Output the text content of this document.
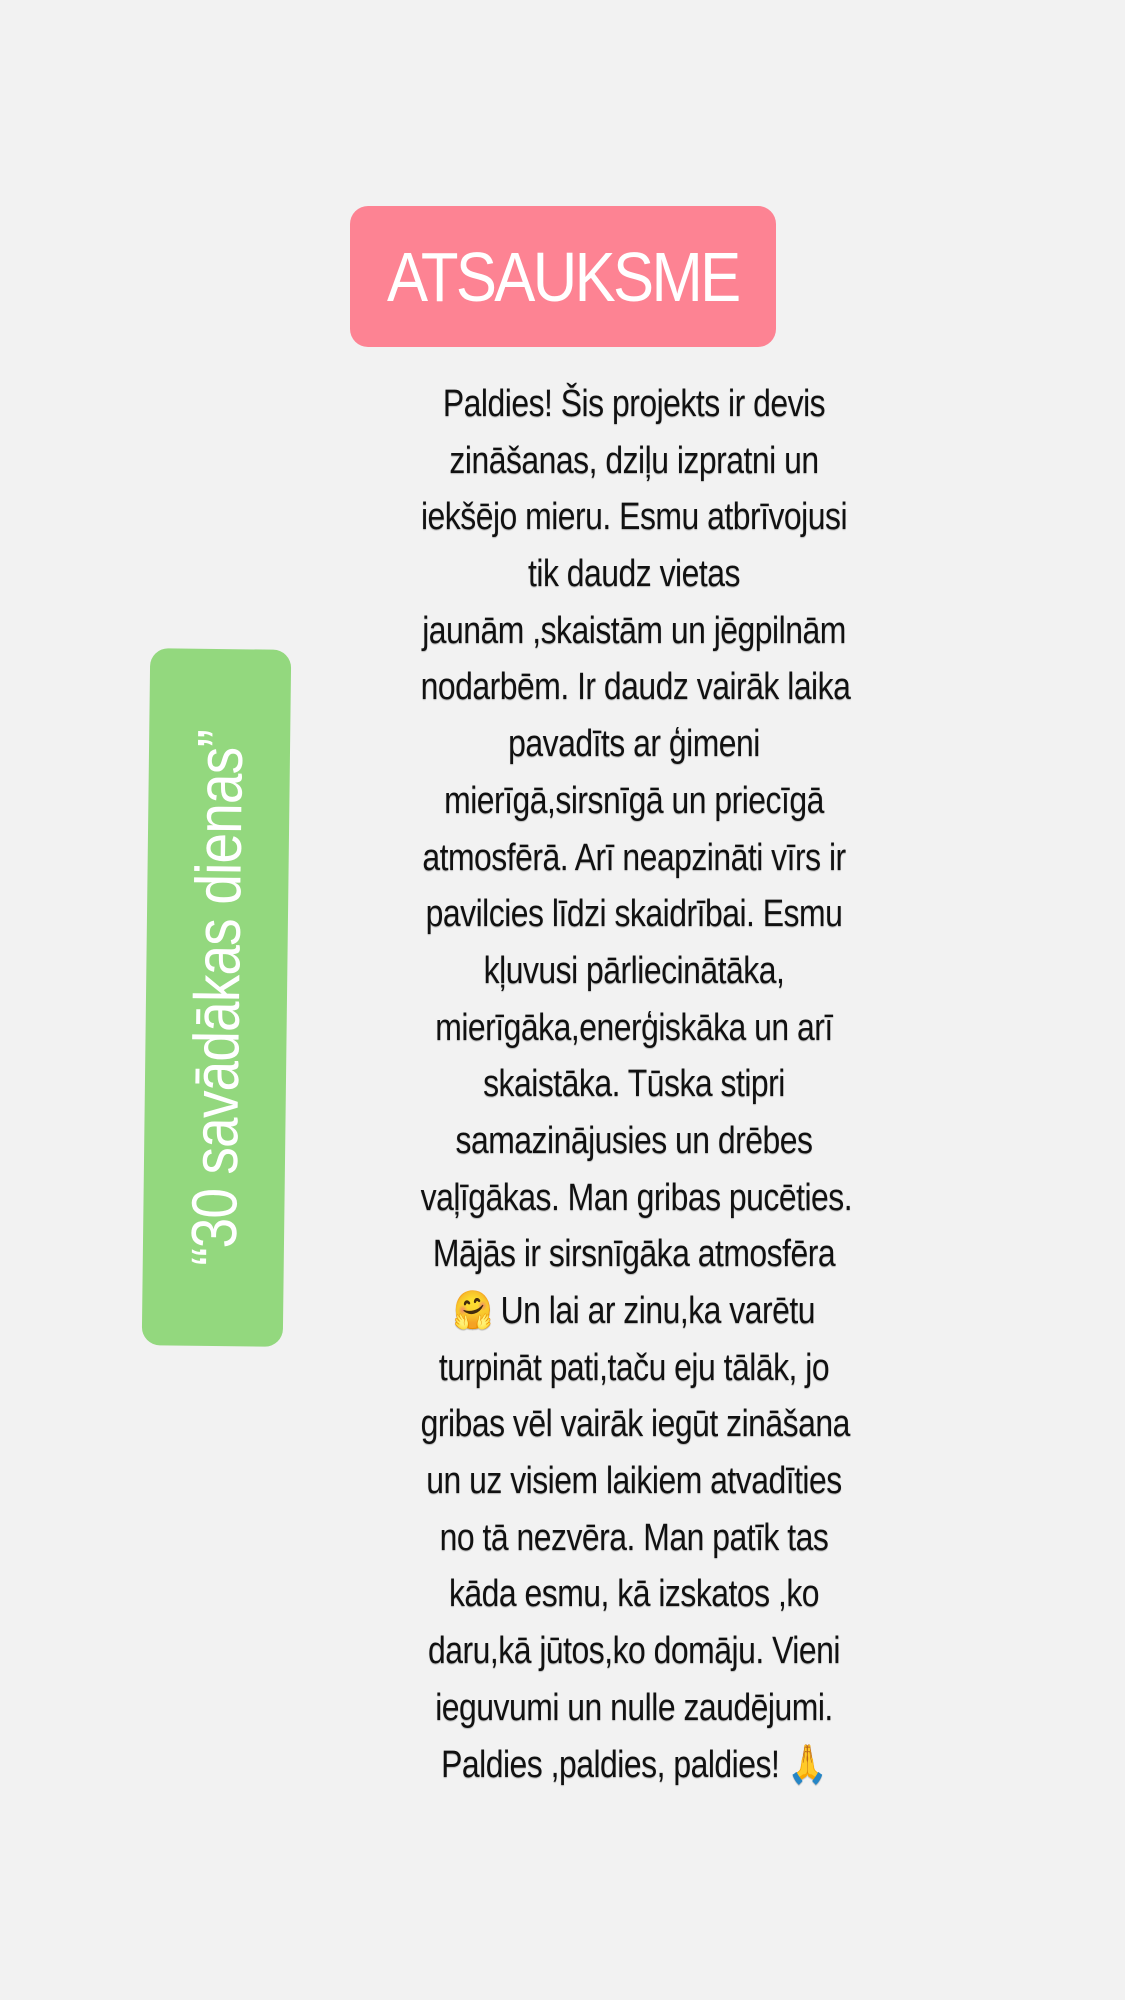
ATSAUKSME
“30 savādākas dienas”
Paldies! Šis projekts ir devis
zināšanas, dziļu izpratni un
iekšējo mieru. Esmu atbrīvojusi
tik daudz vietas
jaunām ,skaistām un jēgpilnām
nodarbēm. Ir daudz vairāk laika
pavadīts ar ģimeni
mierīgā,sirsnīgā un priecīgā
atmosfērā. Arī neapzināti vīrs ir
pavilcies līdzi skaidrībai. Esmu
kļuvusi pārliecinātāka,
mierīgāka,enerģiskāka un arī
skaistāka. Tūska stipri
samazinājusies un drēbes
vaļīgākas. Man gribas pucēties.
Mājās ir sirsnīgāka atmosfēra
🤗 Un lai ar zinu,ka varētu
turpināt pati,taču eju tālāk, jo
gribas vēl vairāk iegūt zināšana
un uz visiem laikiem atvadīties
no tā nezvēra. Man patīk tas
kāda esmu, kā izskatos ,ko
daru,kā jūtos,ko domāju. Vieni
ieguvumi un nulle zaudējumi.
Paldies ,paldies, paldies! 🙏
